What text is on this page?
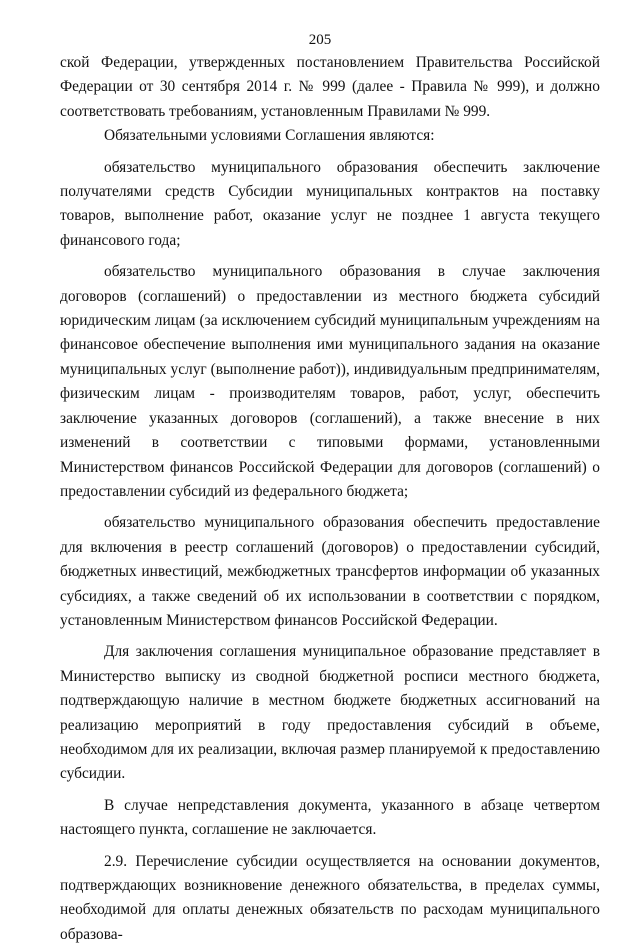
205

ской Федерации, утвержденных постановлением Правительства Российской Федерации от 30 сентября 2014 г. № 999 (далее - Правила № 999), и должно соответствовать требованиям, установленным Правилами № 999.

Обязательными условиями Соглашения являются:

обязательство муниципального образования обеспечить заключение получателями средств Субсидии муниципальных контрактов на поставку товаров, выполнение работ, оказание услуг не позднее 1 августа текущего финансового года;

обязательство муниципального образования в случае заключения договоров (соглашений) о предоставлении из местного бюджета субсидий юридическим лицам (за исключением субсидий муниципальным учреждениям на финансовое обеспечение выполнения ими муниципального задания на оказание муниципальных услуг (выполнение работ)), индивидуальным предпринимателям, физическим лицам - производителям товаров, работ, услуг, обеспечить заключение указанных договоров (соглашений), а также внесение в них изменений в соответствии с типовыми формами, установленными Министерством финансов Российской Федерации для договоров (соглашений) о предоставлении субсидий из федерального бюджета;

обязательство муниципального образования обеспечить предоставление для включения в реестр соглашений (договоров) о предоставлении субсидий, бюджетных инвестиций, межбюджетных трансфертов информации об указанных субсидиях, а также сведений об их использовании в соответствии с порядком, установленным Министерством финансов Российской Федерации.

Для заключения соглашения муниципальное образование представляет в Министерство выписку из сводной бюджетной росписи местного бюджета, подтверждающую наличие в местном бюджете бюджетных ассигнований на реализацию мероприятий в году предоставления субсидий в объеме, необходимом для их реализации, включая размер планируемой к предоставлению субсидии.

В случае непредставления документа, указанного в абзаце четвертом настоящего пункта, соглашение не заключается.

2.9. Перечисление субсидии осуществляется на основании документов, подтверждающих возникновение денежного обязательства, в пределах суммы, необходимой для оплаты денежных обязательств по расходам муниципального образова-
